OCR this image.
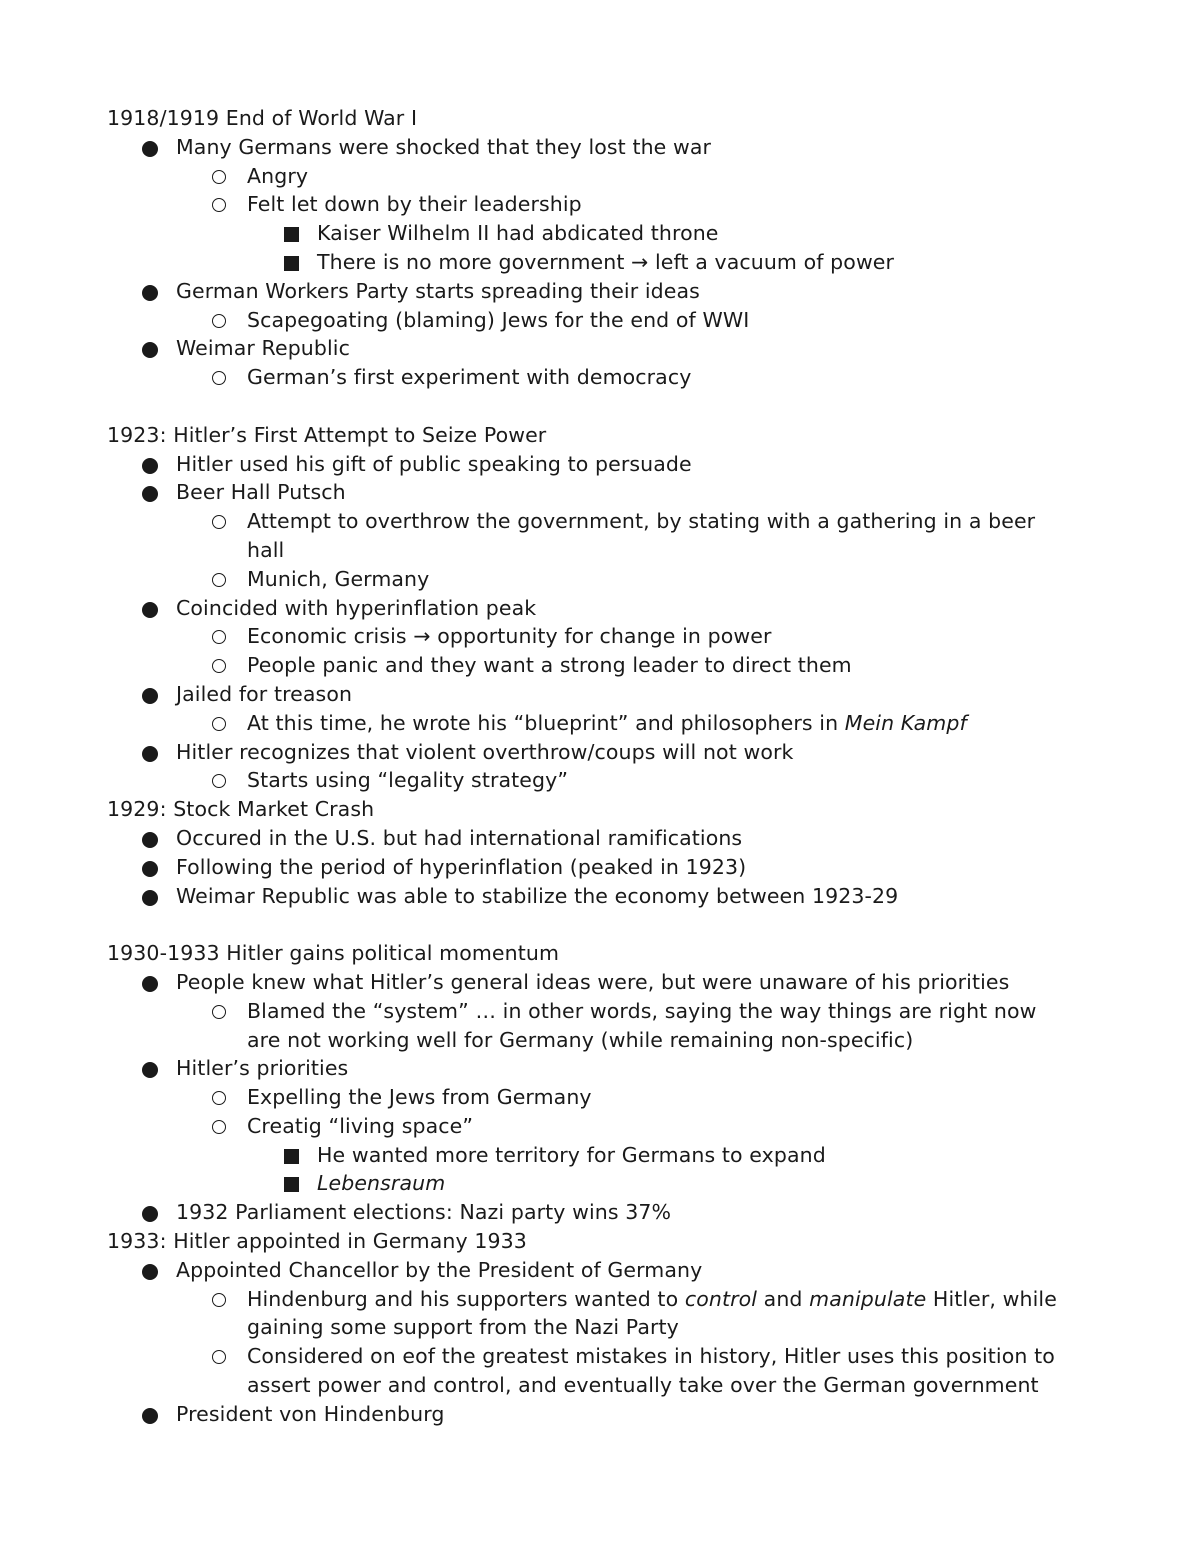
1918/1919 End of World War I
Many Germans were shocked that they lost the war
Angry
Felt let down by their leadership
Kaiser Wilhelm II had abdicated throne
There is no more government → left a vacuum of power
German Workers Party starts spreading their ideas
Scapegoating (blaming) Jews for the end of WWI
Weimar Republic
German’s first experiment with democracy
1923: Hitler’s First Attempt to Seize Power
Hitler used his gift of public speaking to persuade
Beer Hall Putsch
Attempt to overthrow the government, by stating with a gathering in a beer
hall
Munich, Germany
Coincided with hyperinflation peak
Economic crisis → opportunity for change in power
People panic and they want a strong leader to direct them
Jailed for treason
At this time, he wrote his “blueprint” and philosophers in Mein Kampf
Hitler recognizes that violent overthrow/coups will not work
Starts using “legality strategy”
1929: Stock Market Crash
Occured in the U.S. but had international ramifications
Following the period of hyperinflation (peaked in 1923)
Weimar Republic was able to stabilize the economy between 1923-29
1930-1933 Hitler gains political momentum
People knew what Hitler’s general ideas were, but were unaware of his priorities
Blamed the “system” … in other words, saying the way things are right now
are not working well for Germany (while remaining non-specific)
Hitler’s priorities
Expelling the Jews from Germany
Creatig “living space”
He wanted more territory for Germans to expand
Lebensraum
1932 Parliament elections: Nazi party wins 37%
1933: Hitler appointed in Germany 1933
Appointed Chancellor by the President of Germany
Hindenburg and his supporters wanted to control and manipulate Hitler, while
gaining some support from the Nazi Party
Considered on eof the greatest mistakes in history, Hitler uses this position to
assert power and control, and eventually take over the German government
President von Hindenburg
